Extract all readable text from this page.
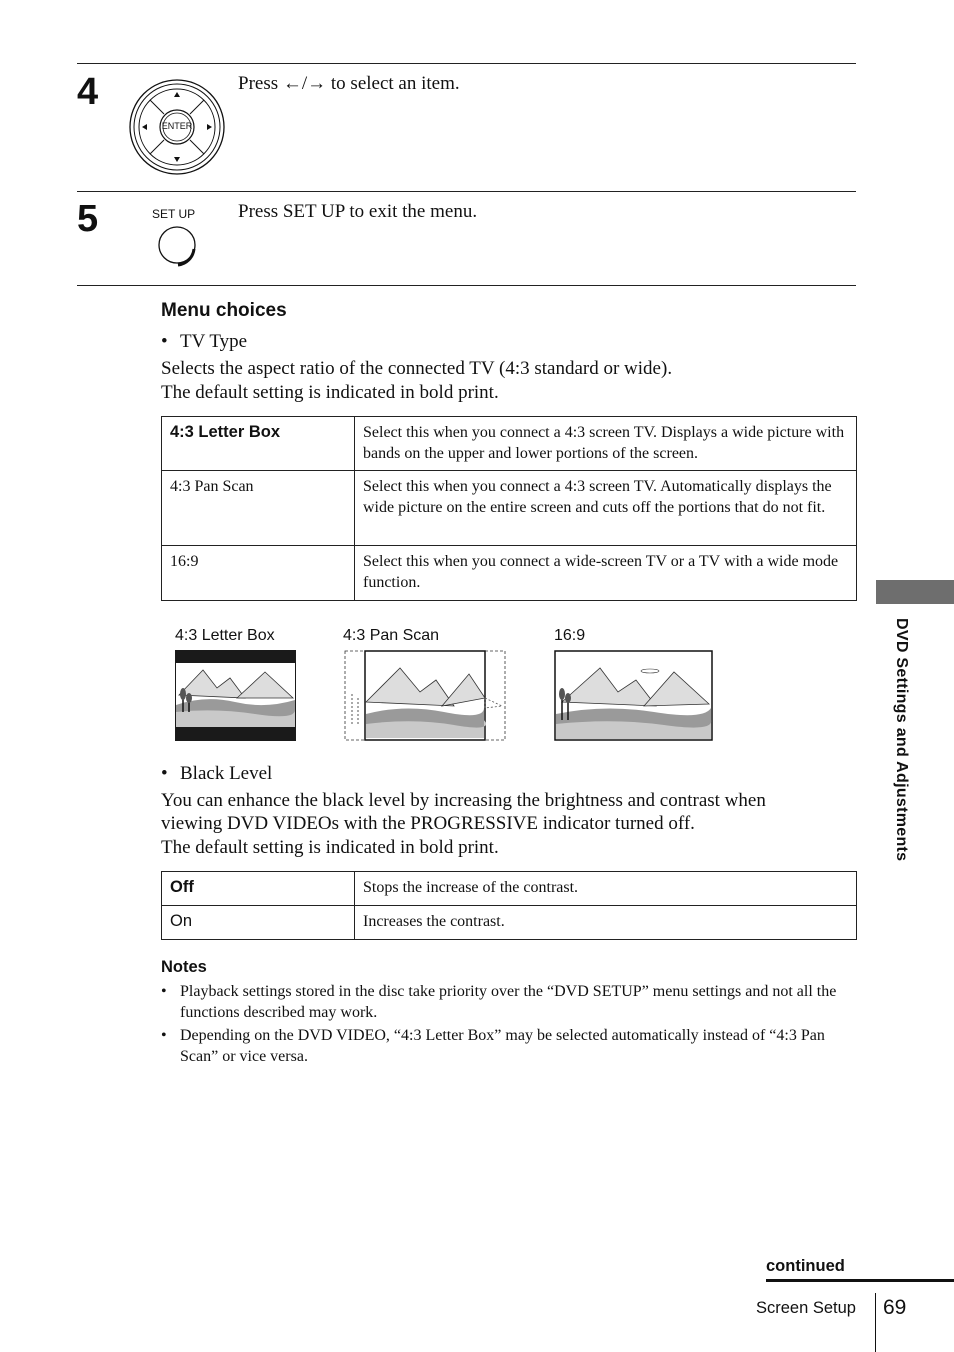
4
ENTER
Press ←/→ to select an item.
5	SET UP Press SET UP to exit the menu.
Menu choices
• TV Type
Selects the aspect ratio of the connected TV (4:3 standard or wide).
The default setting is indicated in bold print.
4:3 Letter Box	Select this when you connect a 4:3 screen TV. Displays a wide picture with bands on the upper and lower portions of the screen.
4:3 Pan Scan	Select this when you connect a 4:3 screen TV. Automatically displays the wide picture on the entire screen and cuts off the portions that do not fit.
16:9	Select this when you connect a wide-screen TV or a TV with a wide mode function.
4:3 Letter Box	4:3 Pan Scan	16:9
• Black Level
You can enhance the black level by increasing the brightness and contrast when
viewing DVD VIDEOs with the PROGRESSIVE indicator turned off.
The default setting is indicated in bold print.
Off	Stops the increase of the contrast.
On	Increases the contrast.
Notes
• Playback settings stored in the disc take priority over the “DVD SETUP” menu settings and not all the functions described may work.
• Depending on the DVD VIDEO, “4:3 Letter Box” may be selected automatically instead of “4:3 Pan Scan” or vice versa.
DVD Settings and Adjustments
continued
Screen Setup 69
